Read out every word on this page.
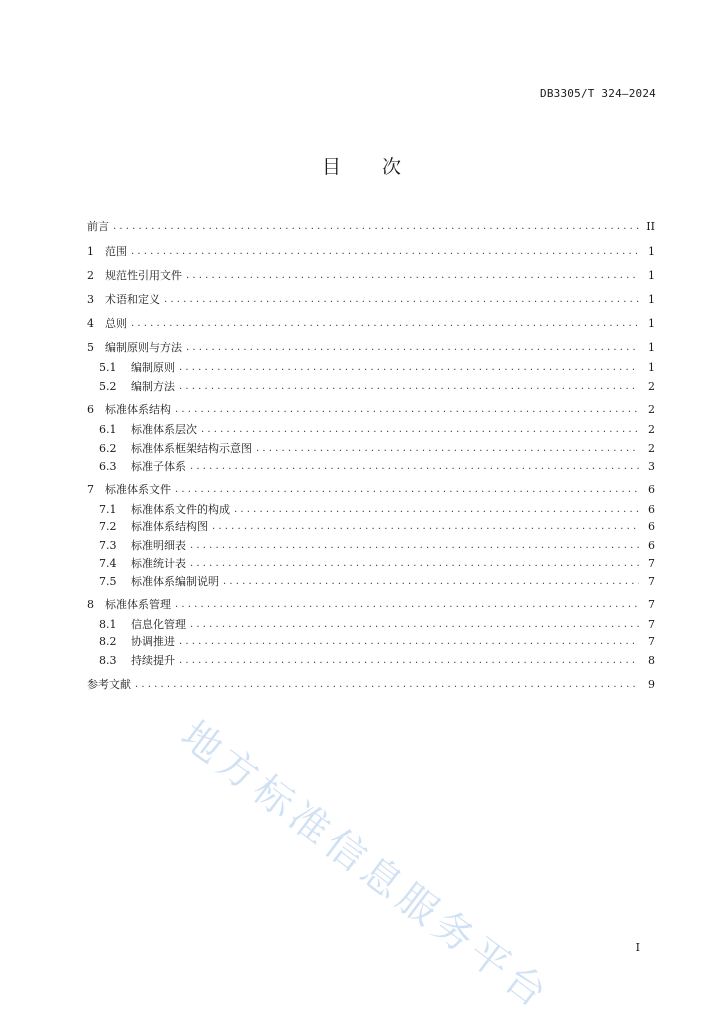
DB3305/T 324—2024
目 次
前言 .....	II
1	范围 .....	1
2	规范性引用文件 .....	1
3	术语和定义 .....	1
4	总则 .....	1
5	编制原则与方法 .....	1
5.1	编制原则 .....	1
5.2	编制方法 .....	2
6	标准体系结构 .....	2
6.1	标准体系层次 .....	2
6.2	标准体系框架结构示意图 .....	2
6.3	标准子体系 .....	3
7	标准体系文件 .....	6
7.1	标准体系文件的构成 .....	6
7.2	标准体系结构图 .....	6
7.3	标准明细表 .....	6
7.4	标准统计表 .....	7
7.5	标准体系编制说明 .....	7
8	标准体系管理 .....	7
8.1	信息化管理 .....	7
8.2	协调推进 .....	7
8.3	持续提升 .....	8
参考文献 .....	9
I
地方标准信息服务平台
